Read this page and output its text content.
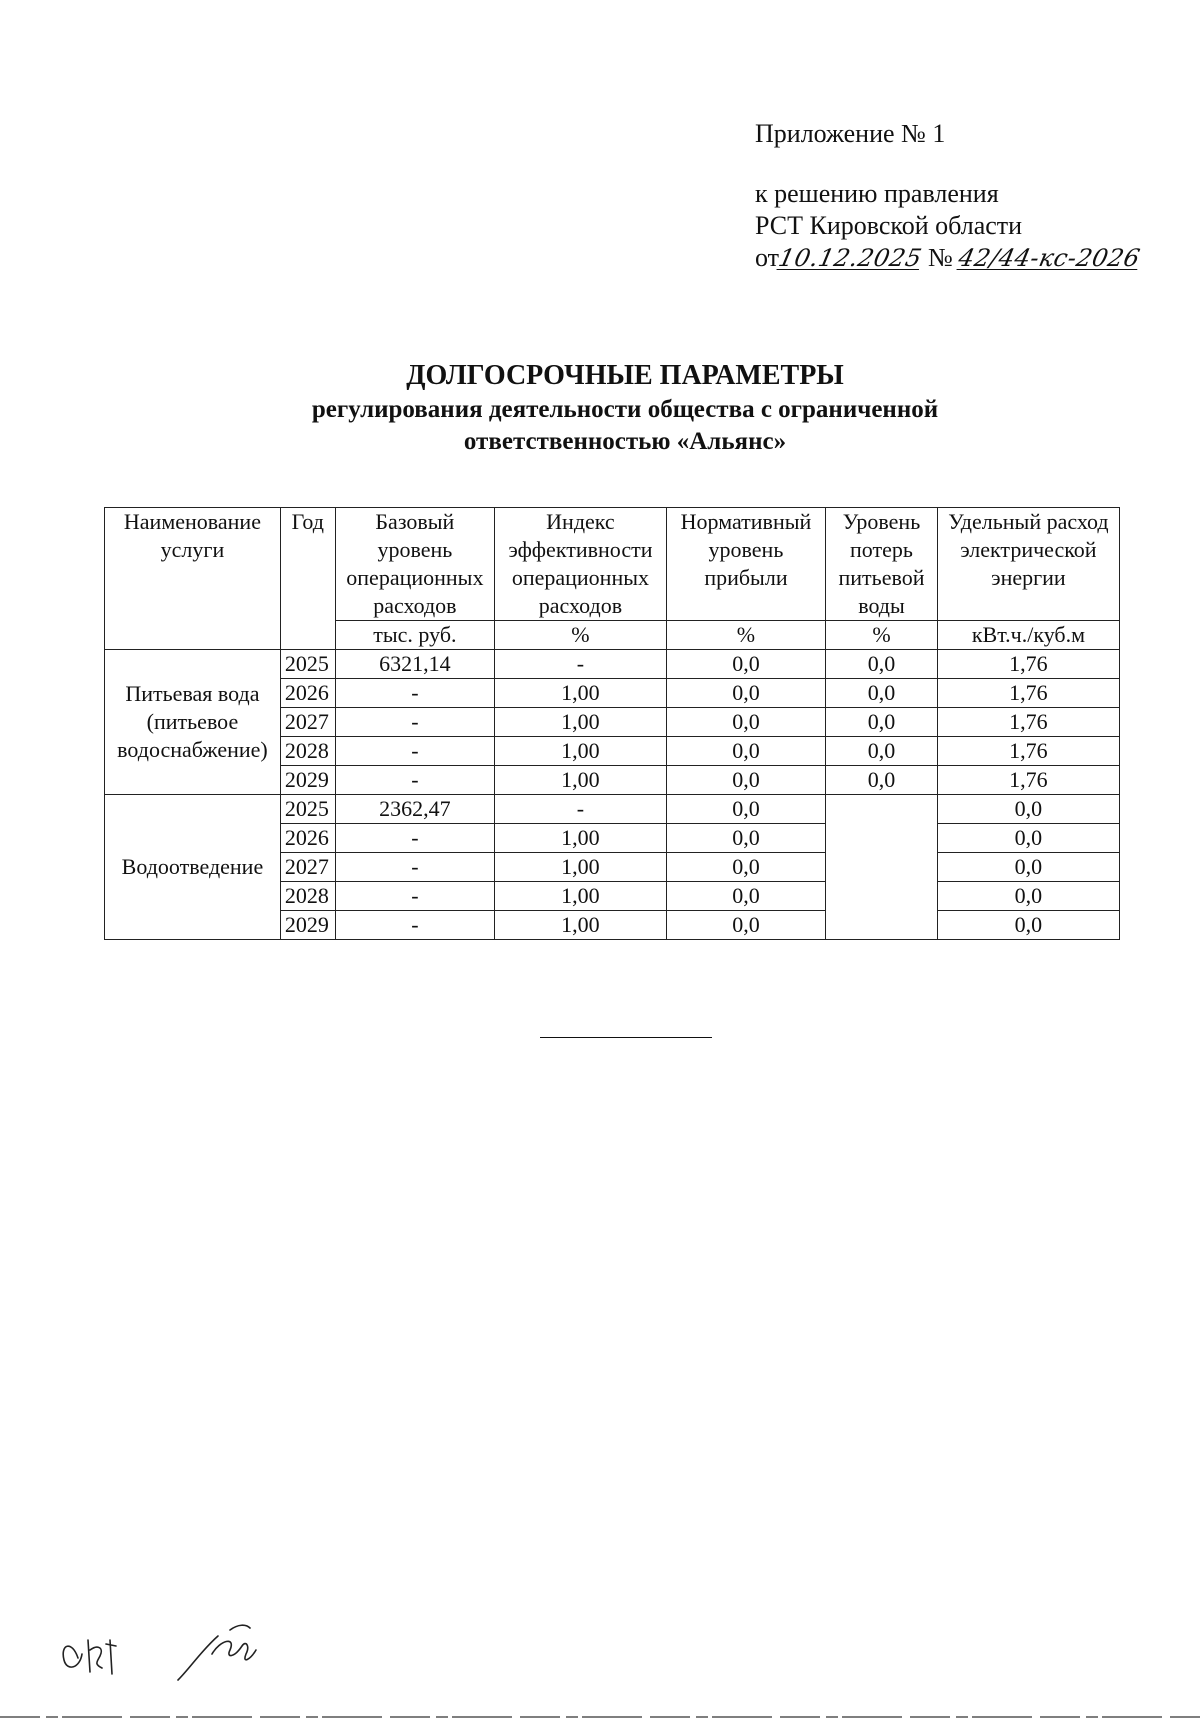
Приложение № 1
к решению правления
РСТ Кировской области
от10.12.2025 № 42/44-кс-2026
ДОЛГОСРОЧНЫЕ ПАРАМЕТРЫ
регулирования деятельности общества с ограниченной
ответственностью «Альянс»
Наименование услуги	Год	Базовый уровень операционных расходов	Индекс эффективности операционных расходов	Нормативный уровень прибыли	Уровень потерь питьевой воды	Удельный расход электрической энергии
		тыс. руб.	%	%	%	кВт.ч./куб.м
Питьевая вода (питьевое водоснабжение)	2025	6321,14	-	0,0	0,0	1,76
	2026	-	1,00	0,0	0,0	1,76
	2027	-	1,00	0,0	0,0	1,76
	2028	-	1,00	0,0	0,0	1,76
	2029	-	1,00	0,0	0,0	1,76
Водоотведение	2025	2362,47	-	0,0		0,0
	2026	-	1,00	0,0		0,0
	2027	-	1,00	0,0		0,0
	2028	-	1,00	0,0		0,0
	2029	-	1,00	0,0		0,0
